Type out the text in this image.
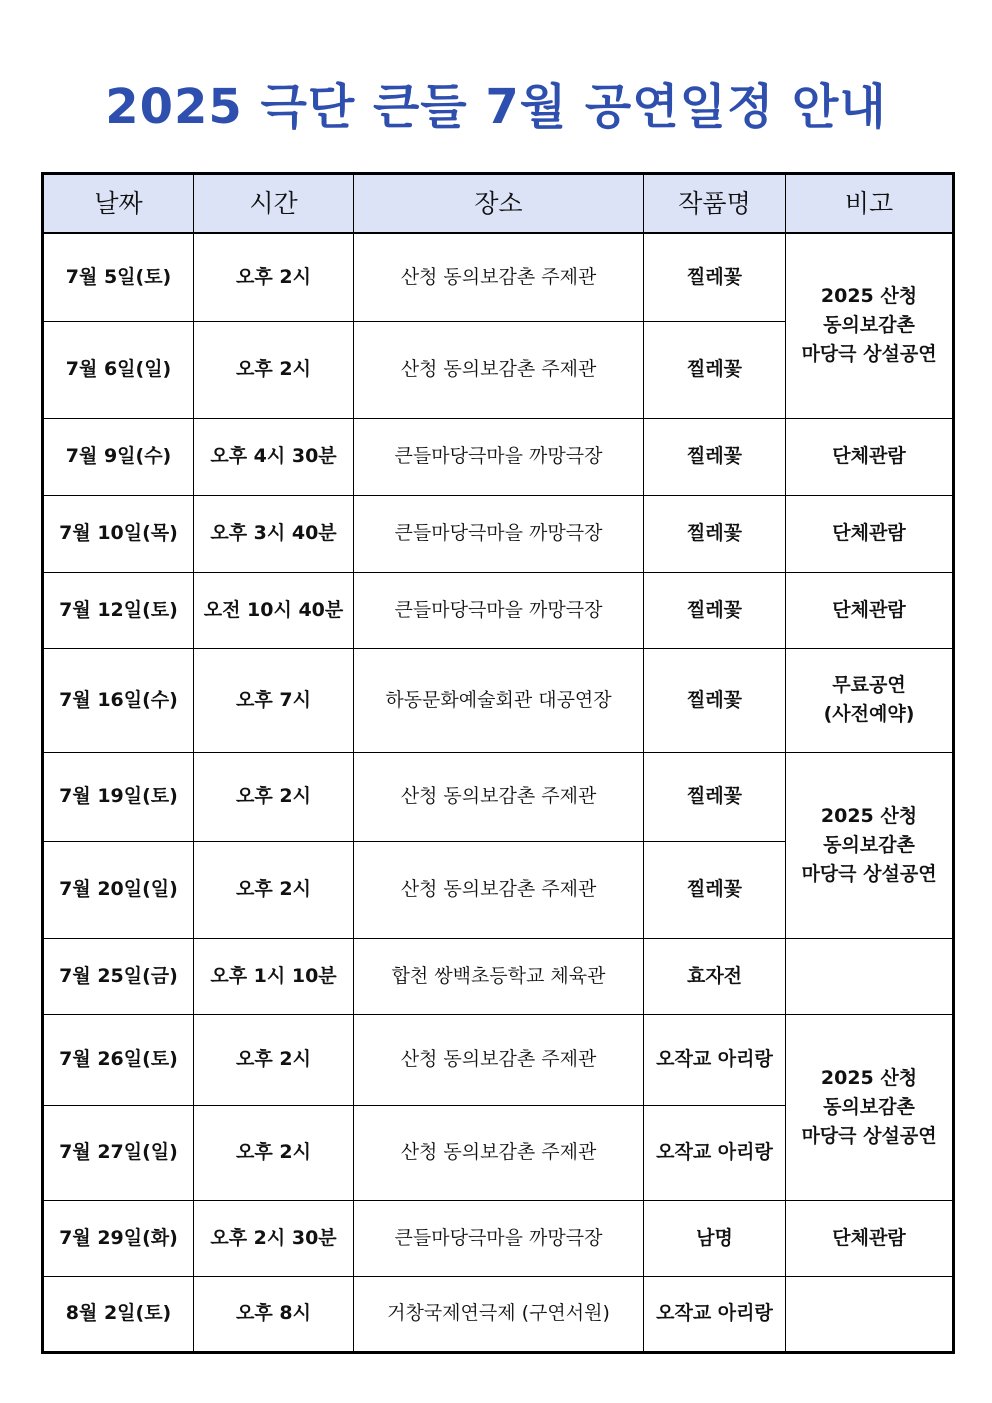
2025 극단 큰들 7월 공연일정 안내
날짜	시간	장소	작품명	비고
7월 5일(토)	오후 2시	산청 동의보감촌 주제관	찔레꽃	2025 산청
동의보감촌
마당극 상설공연

7월 6일(일)	오후 2시	산청 동의보감촌 주제관	찔레꽃	
7월 9일(수)	오후 4시 30분	큰들마당극마을 까망극장	찔레꽃	단체관람

7월 10일(목)	오후 3시 40분	큰들마당극마을 까망극장	찔레꽃	단체관람

7월 12일(토)	오전 10시 40분	큰들마당극마을 까망극장	찔레꽃	단체관람

7월 16일(수)	오후 7시	하동문화예술회관 대공연장	찔레꽃	무료공연
(사전예약)

7월 19일(토)	오후 2시	산청 동의보감촌 주제관	찔레꽃	2025 산청
동의보감촌
마당극 상설공연

7월 20일(일)	오후 2시	산청 동의보감촌 주제관	찔레꽃	
7월 25일(금)	오후 1시 10분	합천 쌍백초등학교 체육관	효자전	
7월 26일(토)	오후 2시	산청 동의보감촌 주제관	오작교 아리랑	2025 산청
동의보감촌
마당극 상설공연

7월 27일(일)	오후 2시	산청 동의보감촌 주제관	오작교 아리랑	
7월 29일(화)	오후 2시 30분	큰들마당극마을 까망극장	남명	단체관람

8월 2일(토)	오후 8시	거창국제연극제 (구연서원)	오작교 아리랑	
